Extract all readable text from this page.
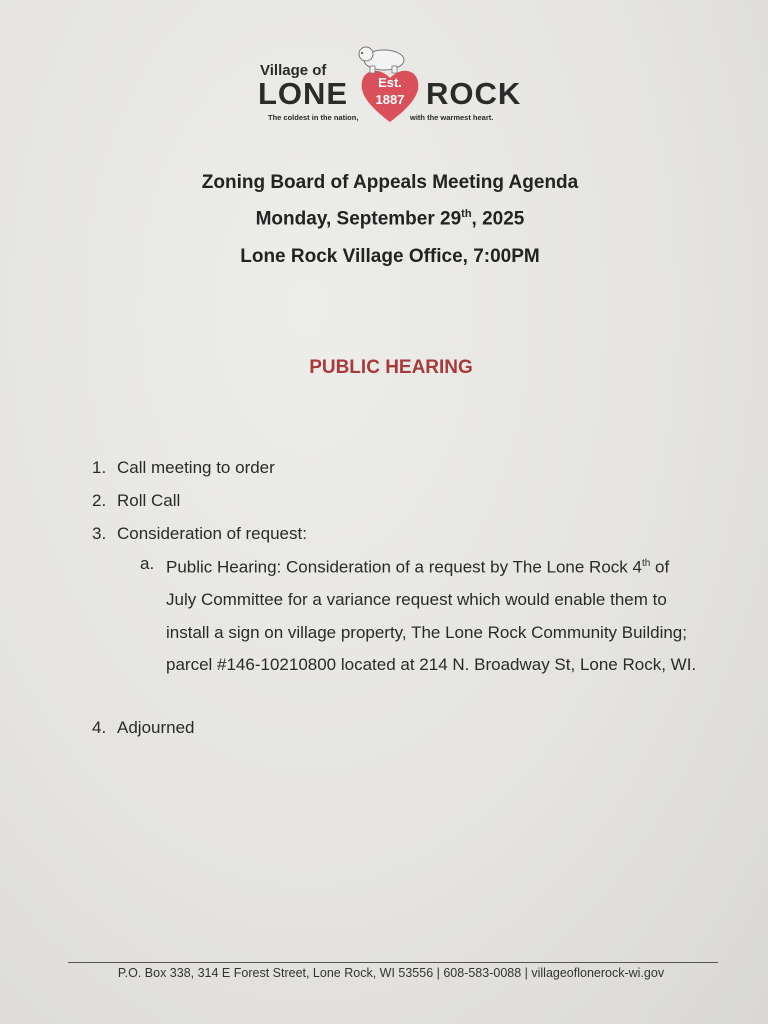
Village of
LONE	Est.
1887 ROCK
The coldest in the nation,	with the warmest heart.
Zoning Board of Appeals Meeting Agenda
Monday, September 29th, 2025
Lone Rock Village Office, 7:00PM
PUBLIC HEARING
1. Call meeting to order
2. Roll Call
3. Consideration of request:
a. Public Hearing: Consideration of a request by The Lone Rock 4th of July Committee for a variance request which would enable them to install a sign on village property, The Lone Rock Community Building; parcel #146-10210800 located at 214 N. Broadway St, Lone Rock, WI.
4. Adjourned
P.O. Box 338, 314 E Forest Street, Lone Rock, WI 53556 | 608-583-0088 | villageoflonerock-wi.gov
